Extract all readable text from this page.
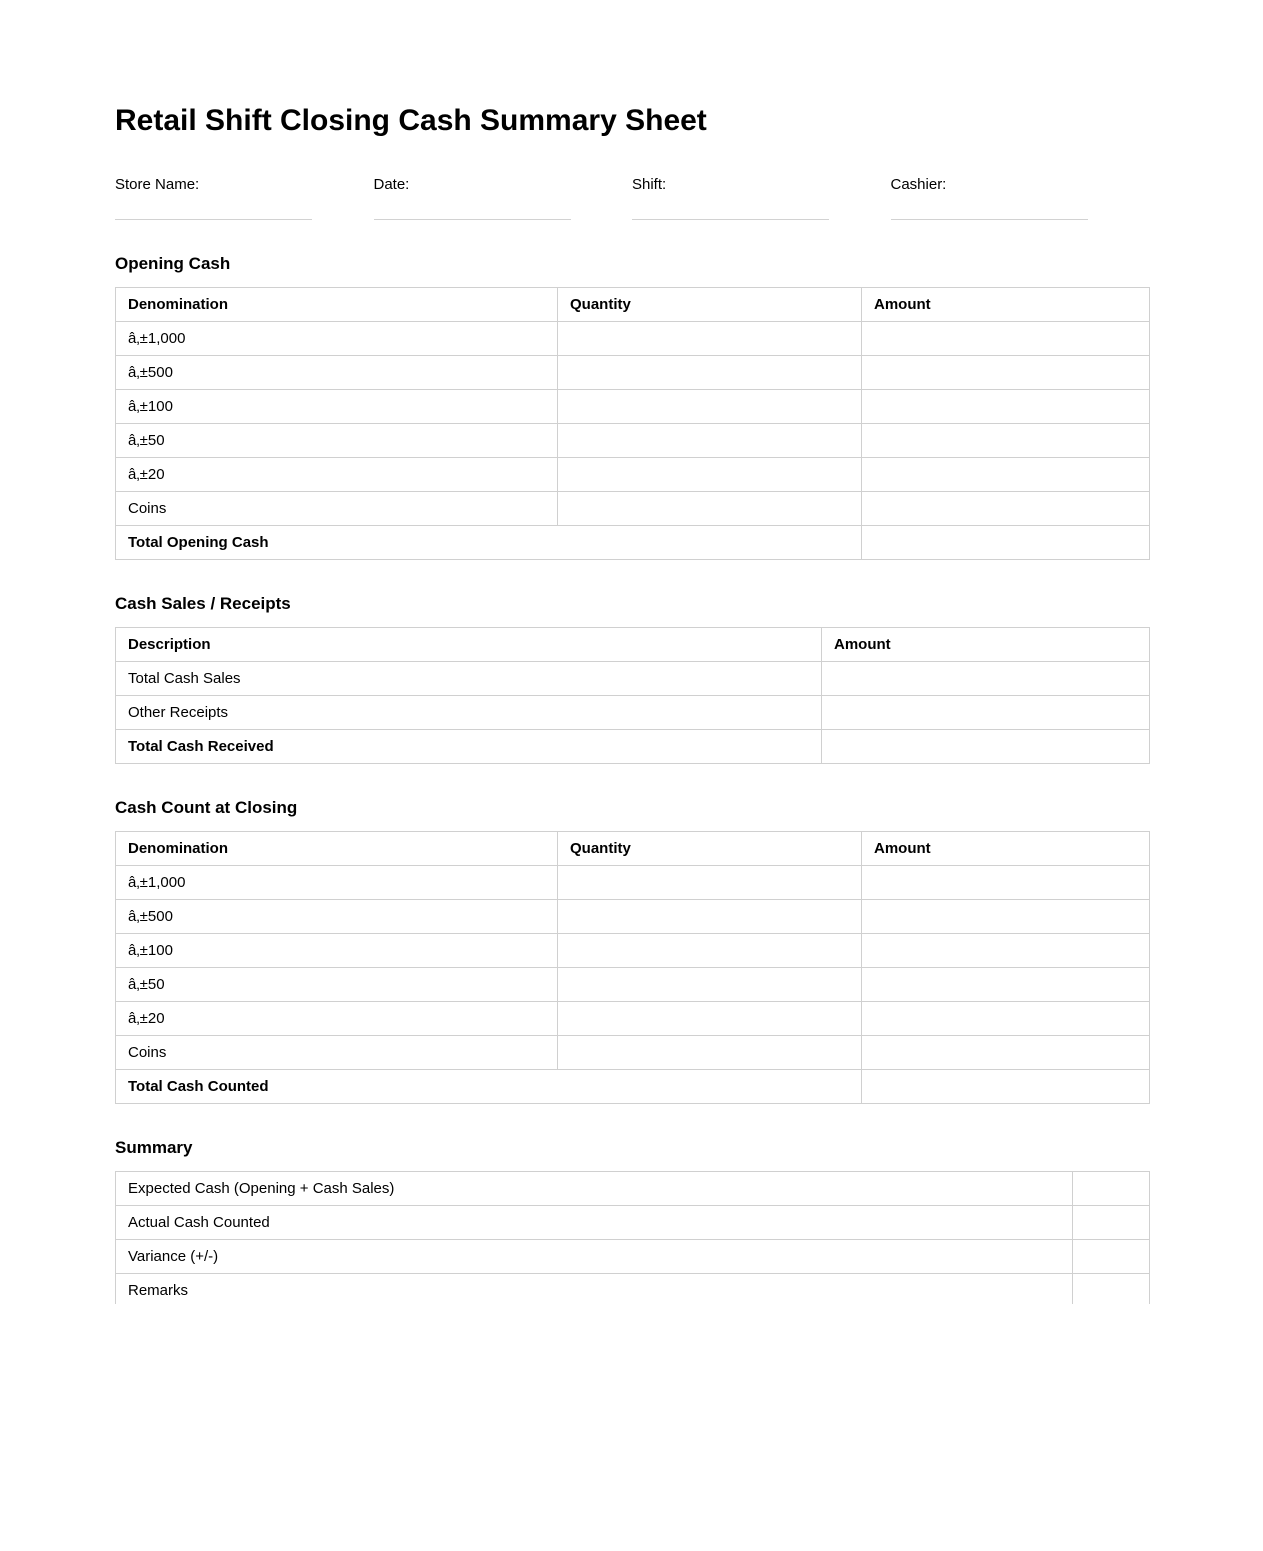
Retail Shift Closing Cash Summary Sheet
Store Name:	Date:	Shift:	Cashier:
Opening Cash
Denomination	Quantity	Amount
â‚±1,000		
â‚±500		
â‚±100		
â‚±50		
â‚±20		
Coins		
Total Opening Cash		
Cash Sales / Receipts
Description	Amount
Total Cash Sales	
Other Receipts	
Total Cash Received	
Cash Count at Closing
Denomination	Quantity	Amount
â‚±1,000		
â‚±500		
â‚±100		
â‚±50		
â‚±20		
Coins		
Total Cash Counted		
Summary
Expected Cash (Opening + Cash Sales)	
Actual Cash Counted	
Variance (+/-)	
Remarks	
